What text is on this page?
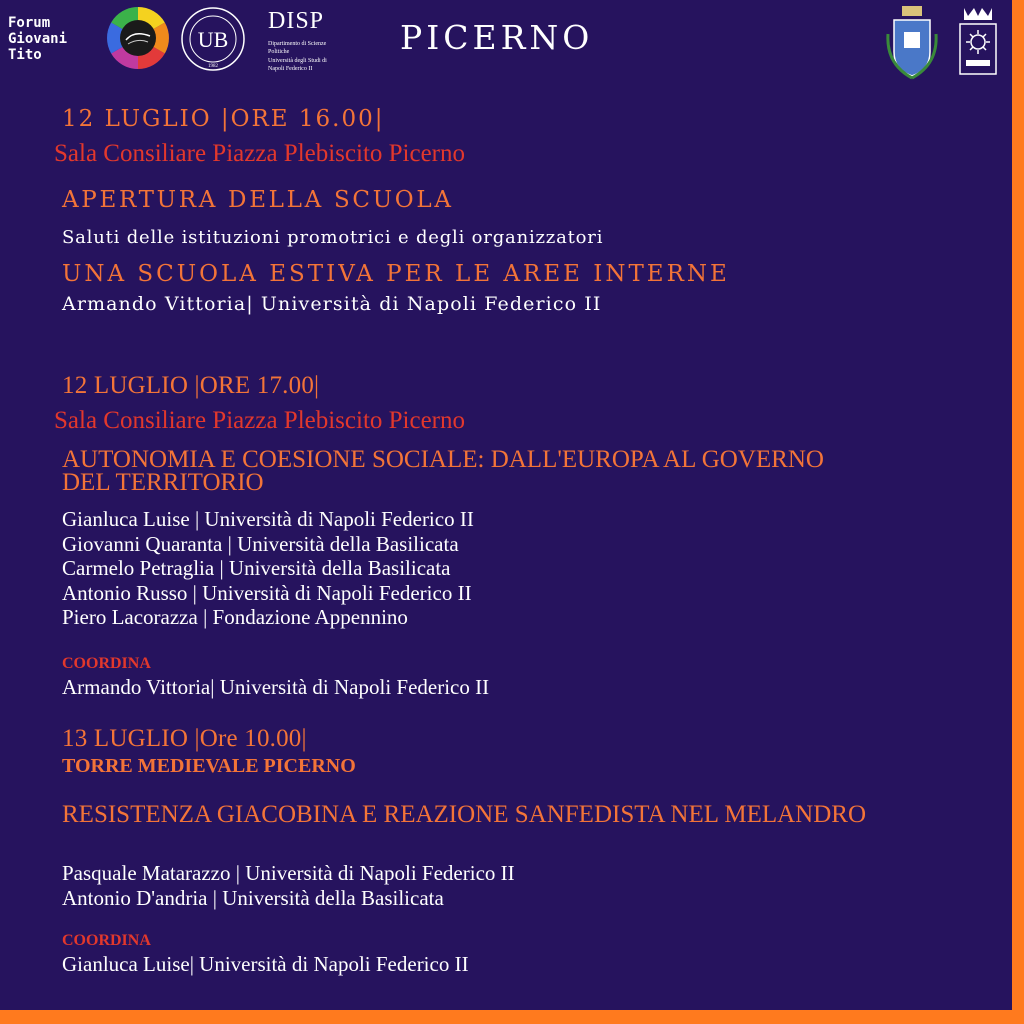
Forum
Giovani
Tito
UB
1982
DISP
Dipartimento di Scienze Politiche
Università degli Studi di Napoli Federico II
PICERNO
12 LUGLIO |ORE 16.00|
Sala Consiliare Piazza Plebiscito Picerno
APERTURA DELLA SCUOLA
Saluti delle istituzioni promotrici e degli organizzatori
UNA SCUOLA ESTIVA PER LE AREE INTERNE
Armando Vittoria| Università di Napoli Federico II
12 LUGLIO |ORE 17.00|
Sala Consiliare Piazza Plebiscito Picerno
AUTONOMIA E COESIONE SOCIALE: DALL'EUROPA AL GOVERNO
DEL TERRITORIO
Gianluca Luise | Università di Napoli Federico II
Giovanni Quaranta | Università della Basilicata
Carmelo Petraglia | Università della Basilicata
Antonio Russo | Università di Napoli Federico II
Piero Lacorazza | Fondazione Appennino
COORDINA
Armando Vittoria| Università di Napoli Federico II
13 LUGLIO |Ore 10.00|
TORRE MEDIEVALE PICERNO
RESISTENZA GIACOBINA E REAZIONE SANFEDISTA NEL MELANDRO
Pasquale Matarazzo | Università di Napoli Federico II
Antonio D'andria | Università della Basilicata
COORDINA
Gianluca Luise| Università di Napoli Federico II
